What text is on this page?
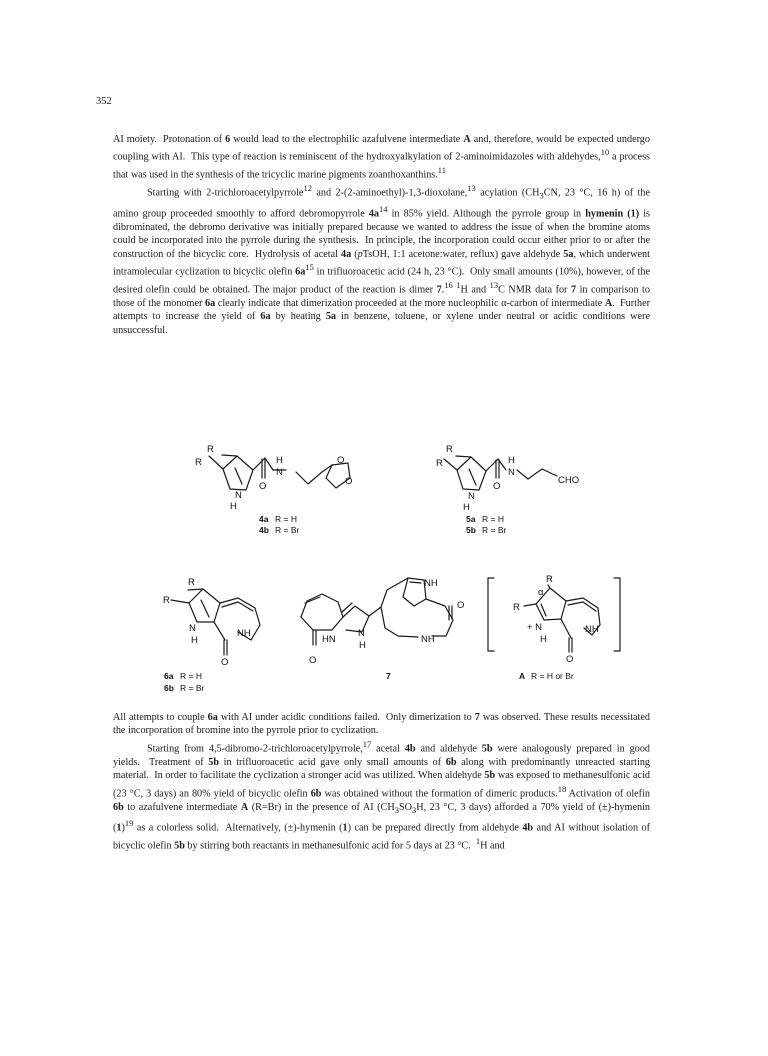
352

AI moiety.  Protonation of 6 would lead to the electrophilic azafulvene intermediate A and, therefore, would be expected undergo coupling with AI.  This type of reaction is reminiscent of the hydroxyalkylation of 2-aminoimidazoles with aldehydes,$^{10}$ a process that was used in the synthesis of the tricyclic marine pigments zoanthoxanthins.$^{11}$

Starting with 2-trichloroacetylpyrrole$^{12}$ and 2-(2-aminoethyl)-1,3-dioxolane,$^{13}$ acylation ($CH_3CN$, 23 °C, 16 h) of the amino group proceeded smoothly to afford debromopyrrole $4a^{14}$ in 85% yield. Although the pyrrole group in hymenin (1) is dibrominated, the debromo derivative was initially prepared because we wanted to address the issue of when the bromine atoms could be incorporated into the pyrrole during the synthesis.  In principle, the incorporation could occur either prior to or after the construction of the bicyclic core.  Hydrolysis of acetal 4a (pTsOH, 1:1 acetone:water, reflux) gave aldehyde 5a, which underwent intramolecular cyclization to bicyclic olefin $6a^{15}$ in trifluoroacetic acid (24 h, 23 °C).  Only small amounts (10%), however, of the desired olefin could be obtained. The major product of the reaction is dimer 7.16 $^1$H and $^{13}$C NMR data for 7 in comparison to those of the monomer 6a clearly indicate that dimerization proceeded at the more nucleophilic α-carbon of intermediate A.  Further attempts to increase the yield of 6a by heating 5a in benzene, toluene, or xylene under neutral or acidic conditions were unsuccessful.

R
R
N
H
H
N
O
O
O
R
R
N
H
H
N
O
CHO
R
R
N
H
NH
O
NH
O
NH
N
H
HN
O
R
α
R
+ N
H
NH
O
4a R = H
4b R = Br
5a R = H
5b R = Br
6a R = H
6b R = Br
7	A R = H or Br

All attempts to couple 6a with AI under acidic conditions failed.  Only dimerization to 7 was observed. These results necessitated the incorporation of bromine into the pyrrole prior to cyclization.

Starting from 4,5-dibromo-2-trichloroacetylpyrrole,$^{17}$ acetal 4b and aldehyde 5b were analogously prepared in good yields.  Treatment of 5b in trifluoroacetic acid gave only small amounts of 6b along with predominantly unreacted starting material.  In order to facilitate the cyclization a stronger acid was utilized. When aldehyde 5b was exposed to methanesulfonic acid (23 °C, 3 days) an 80% yield of bicyclic olefin 6b was obtained without the formation of dimeric products.$^{18}$ Activation of olefin 6b to azafulvene intermediate A (R=Br) in the presence of AI ($CH_3SO_3H$, 23 °C, 3 days) afforded a 70% yield of (±)-hymenin $(1)^{19}$ as a colorless solid.  Alternatively, (±)-hymenin (1) can be prepared directly from aldehyde 4b and AI without isolation of bicyclic olefin 5b by stirring both reactants in methanesulfonic acid for 5 days at 23 °C.  $^1$H and
